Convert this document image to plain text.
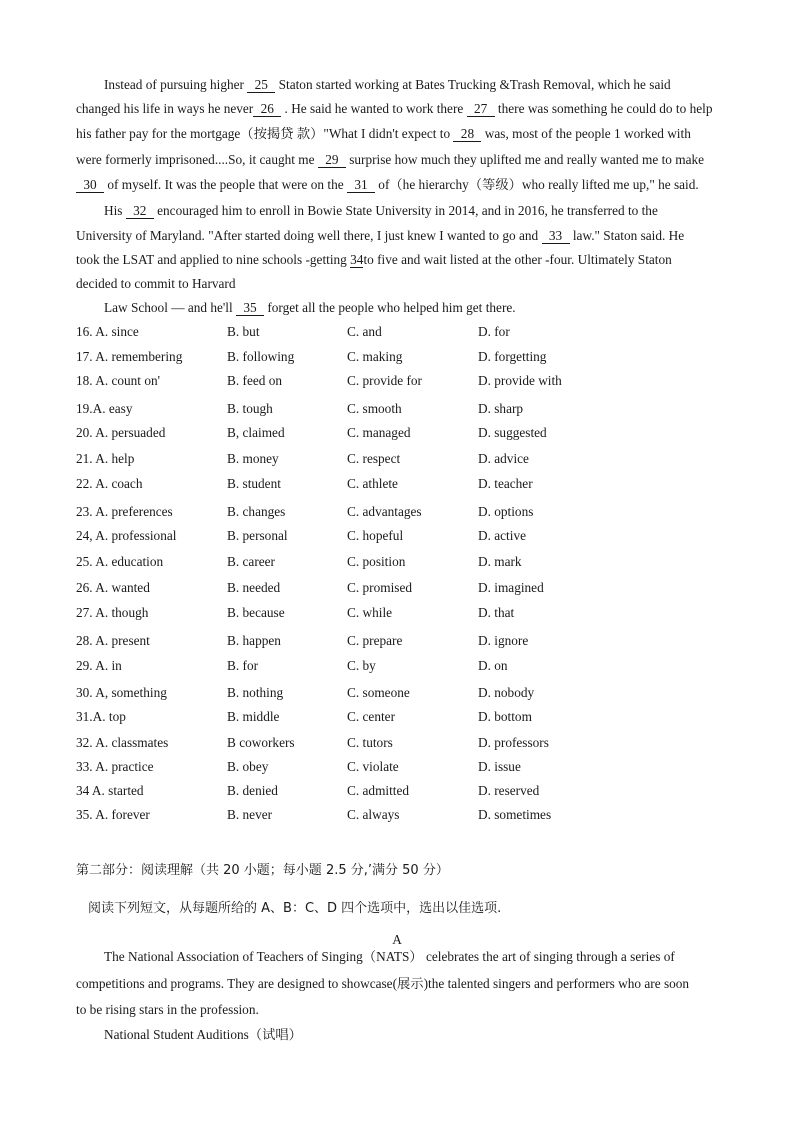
Instead of pursuing higher 25 Staton started working at Bates Trucking &Trash Removal, which he said
changed his life in ways he never 26 . He said he wanted to work there 27 there was something he could do to help
his father pay for the mortgage（按揭贷 款）"What I didn't expect to 28 was, most of the people 1 worked with
were formerly imprisoned....So, it caught me 29 surprise how much they uplifted me and really wanted me to make
30 of myself. It was the people that were on the 31 of（he hierarchy（等级）who really lifted me up," he said.
His 32 encouraged him to enroll in Bowie State University in 2014, and in 2016, he transferred to the
University of Maryland. "After started doing well there, I just knew I wanted to go and 33 law." Staton said. He
took the LSAT and applied to nine schools -getting 34to five and wait listed at the other -four. Ultimately Staton
decided to commit to Harvard
Law School — and he'll 35 forget all the people who helped him get there.
16. A. since	B. but	C. and	D. for
17. A. remembering	B. following	C. making	D. forgetting
18. A. count on'	B. feed on	C. provide for	D. provide with
19.A. easy	B. tough	C. smooth	D. sharp
20. A. persuaded	B, claimed	C. managed	D. suggested
21. A. help	B. money	C. respect	D. advice
22. A. coach	B. student	C. athlete	D. teacher
23. A. preferences	B. changes	C. advantages	D. options
24, A. professional	B. personal	C. hopeful	D. active
25. A. education	B. career	C. position	D. mark
26. A. wanted	B. needed	C. promised	D. imagined
27. A. though	B. because	C. while	D. that
28. A. present	B. happen	C. prepare	D. ignore
29. A. in	B. for	C. by	D. on
30. A, something	B. nothing	C. someone	D. nobody
31.A. top	B. middle	C. center	D. bottom
32. A. classmates	B coworkers	C. tutors	D. professors
33. A. practice	B. obey	C. violate	D. issue
34 A. started	B. denied	C. admitted	D. reserved
35. A. forever	B. never	C. always	D. sometimes
第二部分：阅读理解（共 20 小题；每小题 2.5 分,’满分 50 分）
阅读下列短文，从每题所给的 A、B：C、D 四个选项中，选出以佳选项.
A
The National Association of Teachers of Singing（NATS） celebrates the art of singing through a series of
competitions and programs. They are designed to showcase(展示)the talented singers and performers who are soon
to be rising stars in the profession.
National Student Auditions（试唱）
